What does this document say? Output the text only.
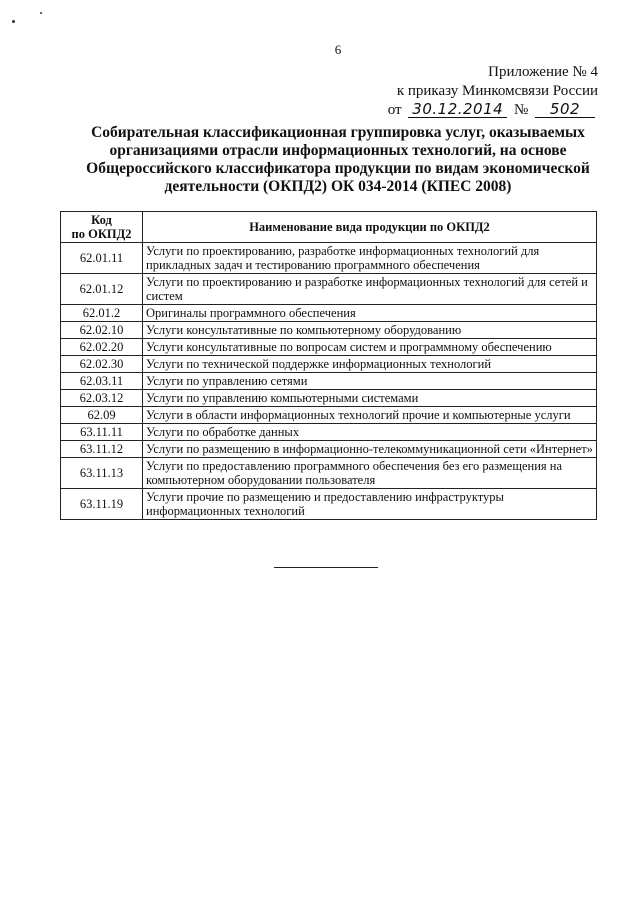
6
Приложение № 4
к приказу Минкомсвязи России
от 30.12.2014 № 502
Собирательная классификационная группировка услуг, оказываемых организациями отрасли информационных технологий, на основе Общероссийского классификатора продукции по видам экономической деятельности (ОКПД2) ОК 034-2014 (КПЕС 2008)
Код
по ОКПД2	Наименование вида продукции по ОКПД2
62.01.11	Услуги по проектированию, разработке информационных технологий для прикладных задач и тестированию программного обеспечения
62.01.12	Услуги по проектированию и разработке информационных технологий для сетей и систем
62.01.2	Оригиналы программного обеспечения
62.02.10	Услуги консультативные по компьютерному оборудованию
62.02.20	Услуги консультативные по вопросам систем и программному обеспечению
62.02.30	Услуги по технической поддержке информационных технологий
62.03.11	Услуги по управлению сетями
62.03.12	Услуги по управлению компьютерными системами
62.09	Услуги в области информационных технологий прочие и компьютерные услуги
63.11.11	Услуги по обработке данных
63.11.12	Услуги по размещению в информационно-телекоммуникационной сети «Интернет»
63.11.13	Услуги по предоставлению программного обеспечения без его размещения на компьютерном оборудовании пользователя
63.11.19	Услуги прочие по размещению и предоставлению инфраструктуры информационных технологий
